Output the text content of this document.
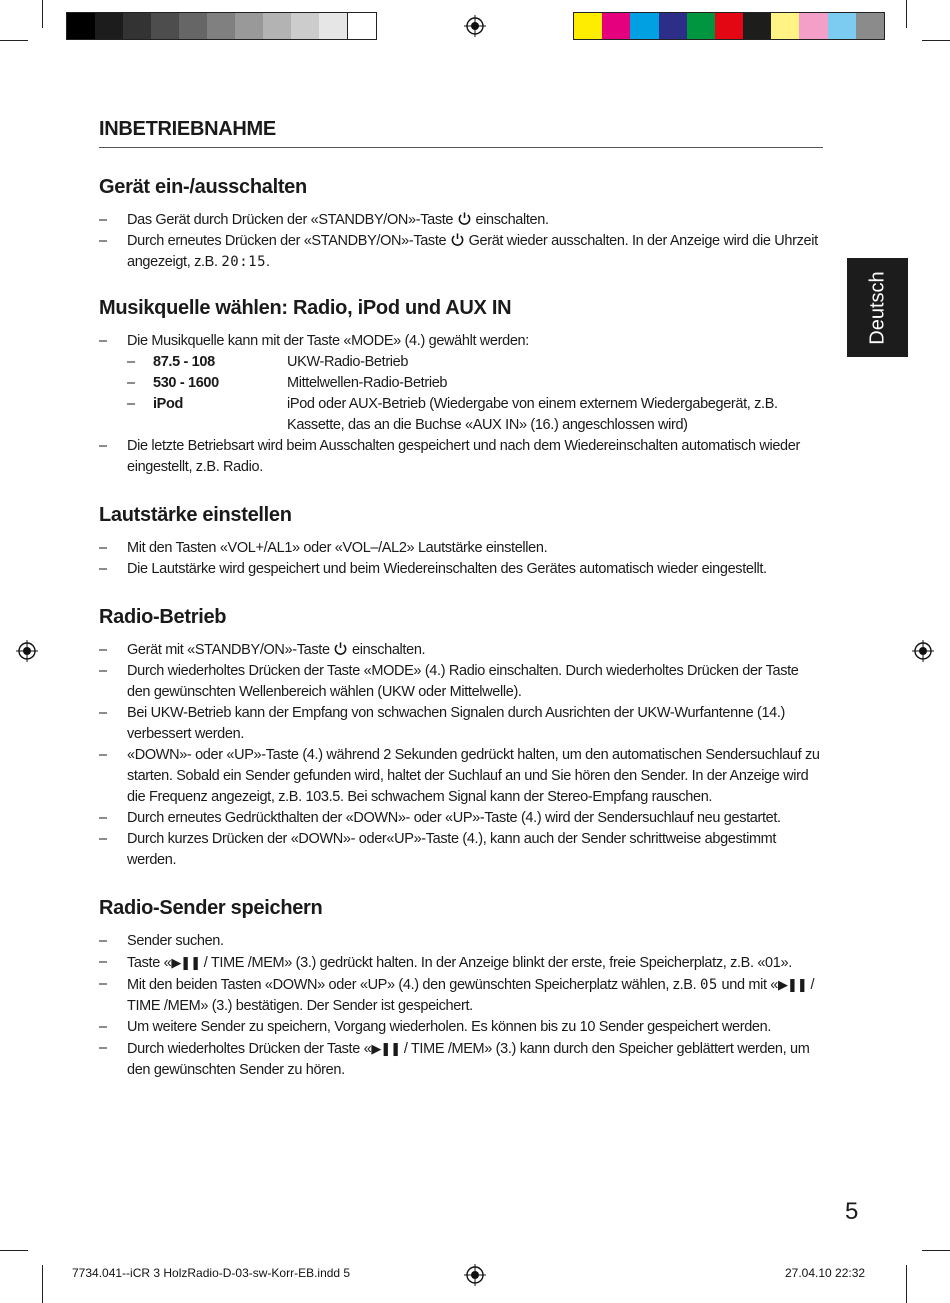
Deutsch
INBETRIEBNAHME
Gerät ein-/ausschalten
– Das Gerät durch Drücken der «STANDBY/ON»-Taste  einschalten.
– Durch erneutes Drücken der «STANDBY/ON»-Taste  Gerät wieder ausschalten. In der Anzeige wird die Uhrzeit angezeigt, z.B. 20:15.
Musikquelle wählen: Radio, iPod und AUX IN
– Die Musikquelle kann mit der Taste «MODE» (4.) gewählt werden:
– 87.5 - 108	UKW-Radio-Betrieb
– 530 - 1600	Mittelwellen-Radio-Betrieb
– iPod	iPod oder AUX-Betrieb (Wiedergabe von einem externem Wiedergabegerät, z.B. Kassette, das an die Buchse «AUX IN» (16.) angeschlossen wird)
– Die letzte Betriebsart wird beim Ausschalten gespeichert und nach dem Wiedereinschalten automatisch wieder eingestellt, z.B. Radio.
Lautstärke einstellen
– Mit den Tasten «VOL+/AL1» oder «VOL–/AL2» Lautstärke einstellen.
– Die Lautstärke wird gespeichert und beim Wiedereinschalten des Gerätes automatisch wieder eingestellt.
Radio-Betrieb
– Gerät mit «STANDBY/ON»-Taste  einschalten.
– Durch wiederholtes Drücken der Taste «MODE» (4.) Radio einschalten. Durch wiederholtes Drücken der Taste den gewünschten Wellenbereich wählen (UKW oder Mittelwelle).
– Bei UKW-Betrieb kann der Empfang von schwachen Signalen durch Ausrichten der UKW-Wurfantenne (14.) verbessert werden.
– «DOWN»- oder «UP»-Taste (4.) während 2 Sekunden gedrückt halten, um den automatischen Sendersuchlauf zu starten. Sobald ein Sender gefunden wird, haltet der Suchlauf an und Sie hören den Sender. In der Anzeige wird die Frequenz angezeigt, z.B. 103.5. Bei schwachem Signal kann der Stereo-Empfang rauschen.
– Durch erneutes Gedrückthalten der «DOWN»- oder «UP»-Taste (4.) wird der Sendersuchlauf neu gestartet.
– Durch kurzes Drücken der «DOWN»- oder«UP»-Taste (4.), kann auch der Sender schrittweise abgestimmt werden.
Radio-Sender speichern
– Sender suchen.
– Taste «▶❚❚ / TIME /MEM» (3.) gedrückt halten. In der Anzeige blinkt der erste, freie Speicherplatz, z.B. «01».
– Mit den beiden Tasten «DOWN» oder «UP» (4.) den gewünschten Speicherplatz wählen, z.B. 05 und mit «▶❚❚ / TIME /MEM» (3.) bestätigen. Der Sender ist gespeichert.
– Um weitere Sender zu speichern, Vorgang wiederholen. Es können bis zu 10 Sender gespeichert werden.
– Durch wiederholtes Drücken der Taste «▶❚❚ / TIME /MEM» (3.) kann durch den Speicher geblättert werden, um den gewünschten Sender zu hören.
5
7734.041--iCR 3 HolzRadio-D-03-sw-Korr-EB.indd 5	27.04.10 22:32
